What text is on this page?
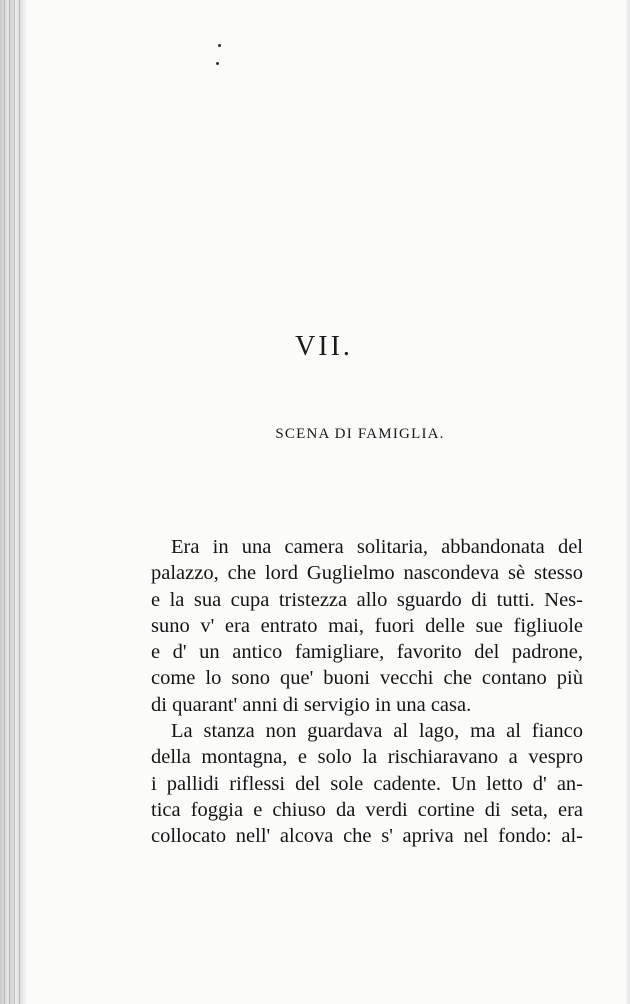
VII.
SCENA DI FAMIGLIA.
Era in una camera solitaria, abbandonata del
palazzo, che lord Guglielmo nascondeva sè stesso
e la sua cupa tristezza allo sguardo di tutti. Nes-
suno v' era entrato mai, fuori delle sue figliuole
e d' un antico famigliare, favorito del padrone,
come lo sono que' buoni vecchi che contano più
di quarant' anni di servigio in una casa.
La stanza non guardava al lago, ma al fianco
della montagna, e solo la rischiaravano a vespro
i pallidi riflessi del sole cadente. Un letto d' an-
tica foggia e chiuso da verdi cortine di seta, era
collocato nell' alcova che s' apriva nel fondo: al-
